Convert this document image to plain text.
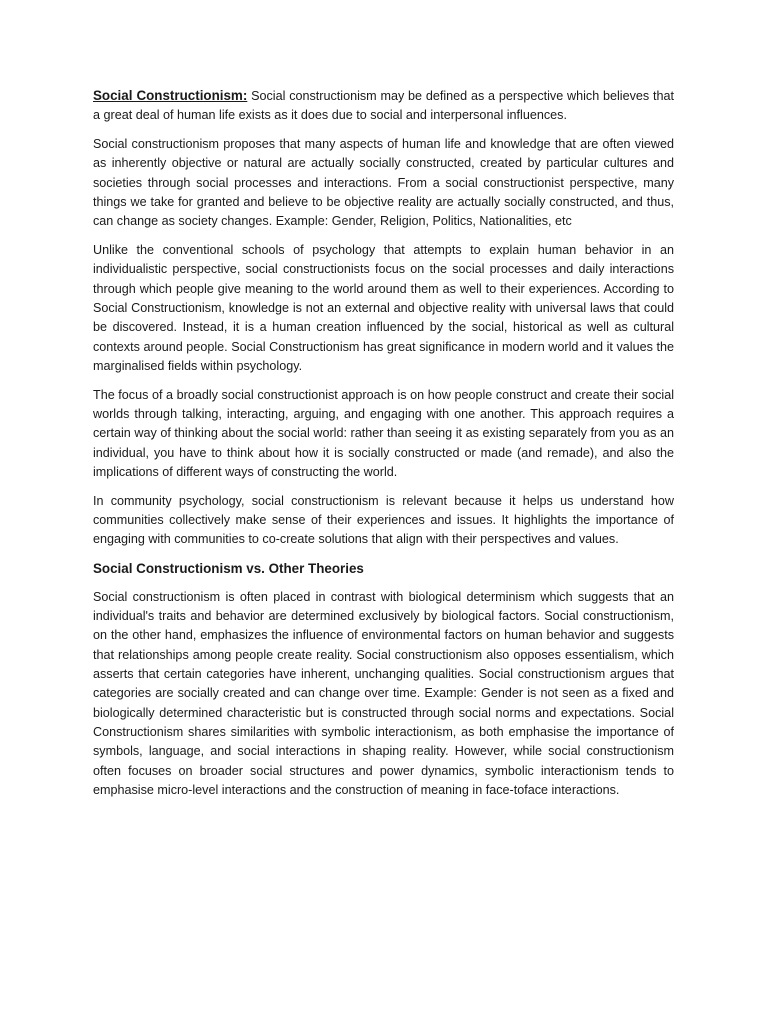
Social Constructionism: Social constructionism may be defined as a perspective which believes that a great deal of human life exists as it does due to social and interpersonal influences.

Social constructionism proposes that many aspects of human life and knowledge that are often viewed as inherently objective or natural are actually socially constructed, created by particular cultures and societies through social processes and interactions. From a social constructionist perspective, many things we take for granted and believe to be objective reality are actually socially constructed, and thus, can change as society changes. Example: Gender, Religion, Politics, Nationalities, etc

Unlike the conventional schools of psychology that attempts to explain human behavior in an individualistic perspective, social constructionists focus on the social processes and daily interactions through which people give meaning to the world around them as well to their experiences. According to Social Constructionism, knowledge is not an external and objective reality with universal laws that could be discovered. Instead, it is a human creation influenced by the social, historical as well as cultural contexts around people. Social Constructionism has great significance in modern world and it values the marginalised fields within psychology.

The focus of a broadly social constructionist approach is on how people construct and create their social worlds through talking, interacting, arguing, and engaging with one another. This approach requires a certain way of thinking about the social world: rather than seeing it as existing separately from you as an individual, you have to think about how it is socially constructed or made (and remade), and also the implications of different ways of constructing the world.

In community psychology, social constructionism is relevant because it helps us understand how communities collectively make sense of their experiences and issues. It highlights the importance of engaging with communities to co-create solutions that align with their perspectives and values.

Social Constructionism vs. Other Theories

Social constructionism is often placed in contrast with biological determinism which suggests that an individual's traits and behavior are determined exclusively by biological factors. Social constructionism, on the other hand, emphasizes the influence of environmental factors on human behavior and suggests that relationships among people create reality. Social constructionism also opposes essentialism, which asserts that certain categories have inherent, unchanging qualities. Social constructionism argues that categories are socially created and can change over time. Example: Gender is not seen as a fixed and biologically determined characteristic but is constructed through social norms and expectations. Social Constructionism shares similarities with symbolic interactionism, as both emphasise the importance of symbols, language, and social interactions in shaping reality. However, while social constructionism often focuses on broader social structures and power dynamics, symbolic interactionism tends to emphasise micro-level interactions and the construction of meaning in face-toface interactions.
